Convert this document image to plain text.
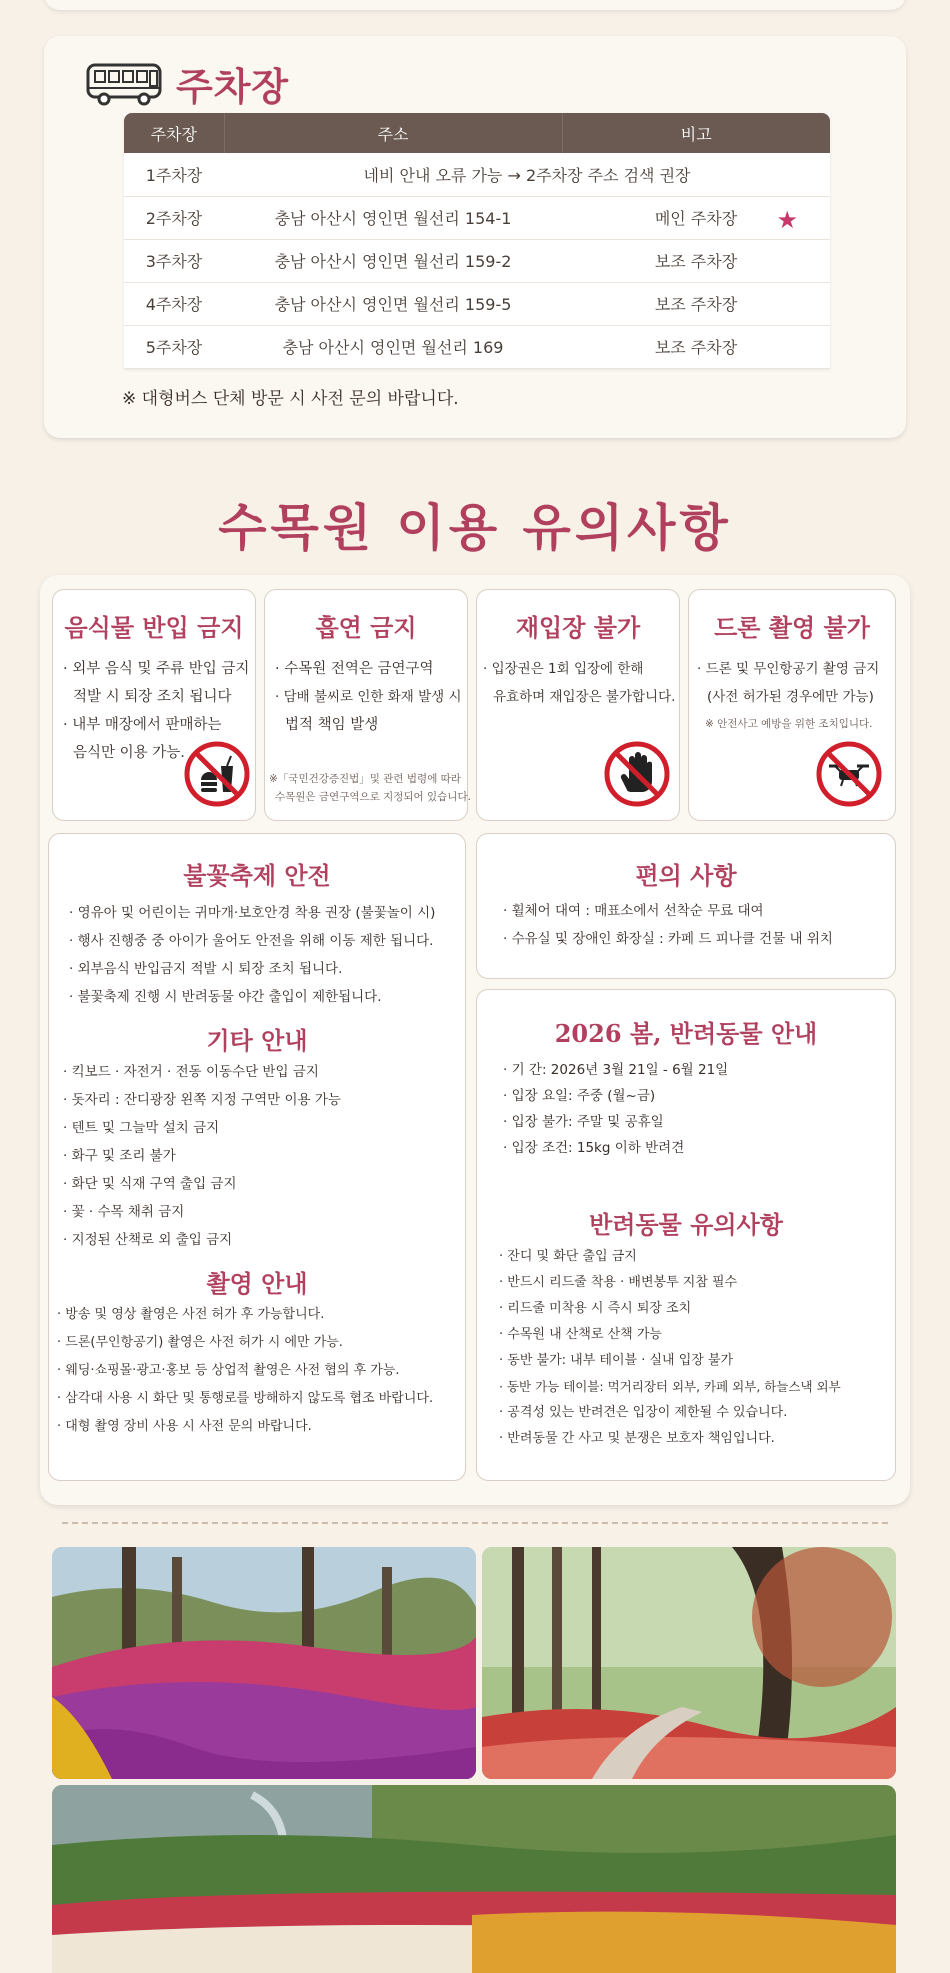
주차장
주차장	주소	비고
1주차장	네비 안내 오류 가능 → 2주차장 주소 검색 권장	
2주차장	충남 아산시 영인면 월선리 154-1	메인 주차장 ★

3주차장	충남 아산시 영인면 월선리 159-2	보조 주차장
4주차장	충남 아산시 영인면 월선리 159-5	보조 주차장
5주차장	충남 아산시 영인면 월선리 169	보조 주차장

※ 대형버스 단체 방문 시 사전 문의 바랍니다.

수목원 이용 유의사항
음식물 반입 금지
· 외부 음식 및 주류 반입 금지
적발 시 퇴장 조치 됩니다
· 내부 매장에서 판매하는
음식만 이용 가능.
흡연 금지
· 수목원 전역은 금연구역
· 담배 불씨로 인한 화재 발생 시
법적 책임 발생
※「국민건강증진법」및 관련 법령에 따라
수목원은 금연구역으로 지정되어 있습니다.
재입장 불가
· 입장권은 1회 입장에 한해
유효하며 재입장은 불가합니다.
드론 촬영 불가
· 드론 및 무인항공기 촬영 금지
(사전 허가된 경우에만 가능)
※ 안전사고 예방을 위한 조치입니다.
불꽃축제 안전
· 영유아 및 어린이는 귀마개·보호안경 착용 권장 (불꽃놀이 시)
· 행사 진행중 중 아이가 울어도 안전을 위해 이동 제한 됩니다.
· 외부음식 반입금지 적발 시 퇴장 조치 됩니다.
· 불꽃축제 진행 시 반려동물 야간 출입이 제한됩니다.
기타 안내
· 킥보드 · 자전거 · 전동 이동수단 반입 금지
· 돗자리 : 잔디광장 왼쪽 지정 구역만 이용 가능
· 텐트 및 그늘막 설치 금지
· 화구 및 조리 불가
· 화단 및 식재 구역 출입 금지
· 꽃 · 수목 채취 금지
· 지정된 산책로 외 출입 금지
촬영 안내
· 방송 및 영상 촬영은 사전 허가 후 가능합니다.
· 드론(무인항공기) 촬영은 사전 허가 시 에만 가능.
· 웨딩·쇼핑몰·광고·홍보 등 상업적 촬영은 사전 협의 후 가능.
· 삼각대 사용 시 화단 및 통행로를 방해하지 않도록 협조 바랍니다.
· 대형 촬영 장비 사용 시 사전 문의 바랍니다.
편의 사항
· 휠체어 대여 : 매표소에서 선착순 무료 대여
· 수유실 및 장애인 화장실 : 카페 드 피나클 건물 내 위치
2026 봄, 반려동물 안내
· 기 간: 2026년 3월 21일 - 6월 21일
· 입장 요일: 주중 (월~금)
· 입장 불가: 주말 및 공휴일
· 입장 조건: 15kg 이하 반려견
반려동물 유의사항
· 잔디 및 화단 출입 금지
· 반드시 리드줄 착용 · 배변봉투 지참 필수
· 리드줄 미착용 시 즉시 퇴장 조치
· 수목원 내 산책로 산책 가능
· 동반 불가: 내부 테이블 · 실내 입장 불가
· 동반 가능 테이블: 먹거리장터 외부, 카페 외부, 하늘스낵 외부
· 공격성 있는 반려견은 입장이 제한될 수 있습니다.
· 반려동물 간 사고 및 분쟁은 보호자 책임입니다.
